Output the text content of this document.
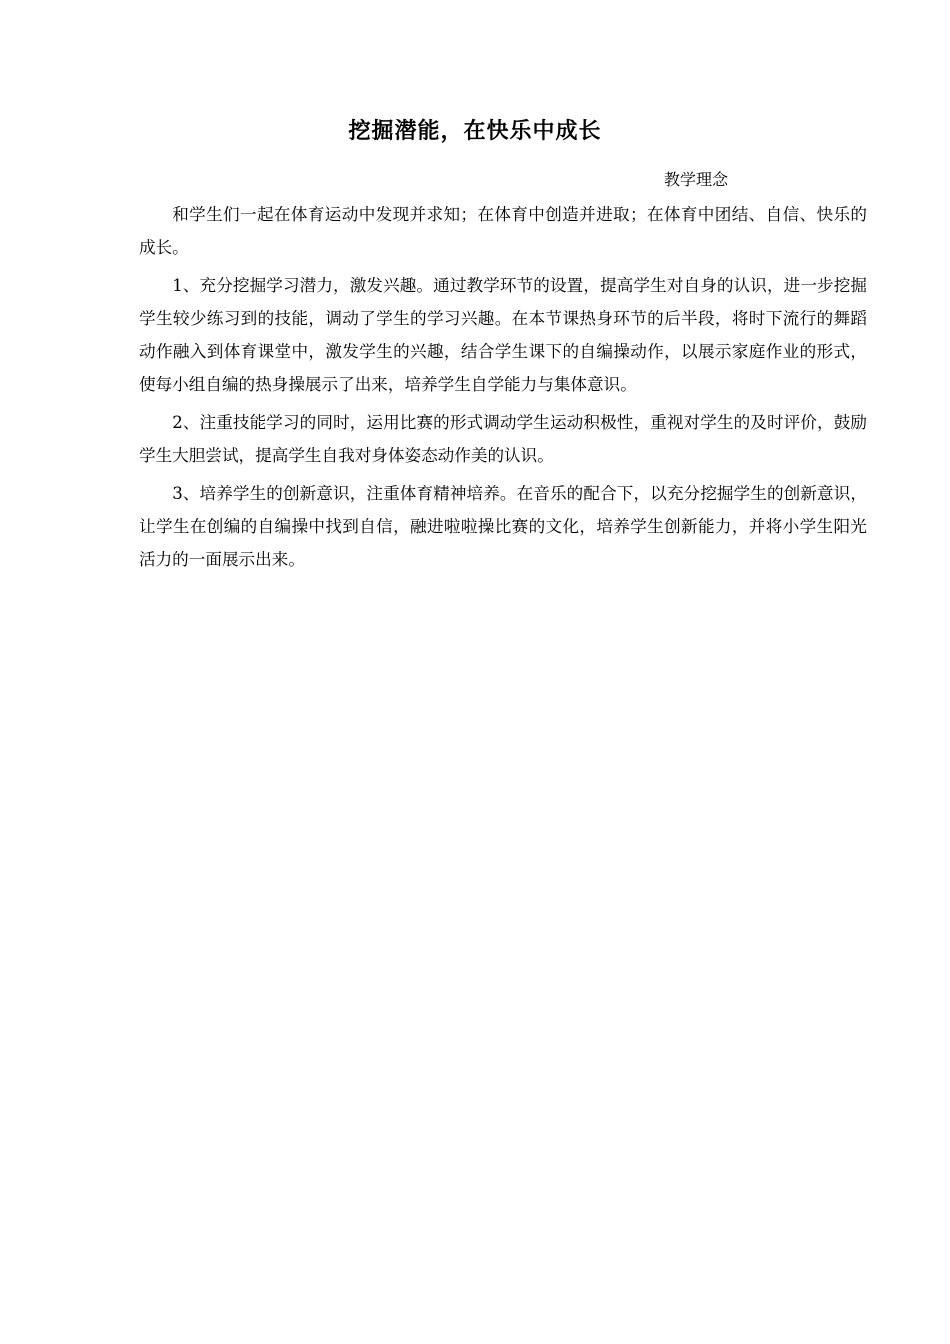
挖掘潜能，在快乐中成长
教学理念

和学生们一起在体育运动中发现并求知；在体育中创造并进取；在体育中团结、自信、快乐的成长。

1、充分挖掘学习潜力，激发兴趣。通过教学环节的设置，提高学生对自身的认识，进一步挖掘学生较少练习到的技能，调动了学生的学习兴趣。在本节课热身环节的后半段，将时下流行的舞蹈动作融入到体育课堂中，激发学生的兴趣，结合学生课下的自编操动作，以展示家庭作业的形式，使每小组自编的热身操展示了出来，培养学生自学能力与集体意识。

2、注重技能学习的同时，运用比赛的形式调动学生运动积极性，重视对学生的及时评价，鼓励学生大胆尝试，提高学生自我对身体姿态动作美的认识。

3、培养学生的创新意识，注重体育精神培养。在音乐的配合下，以充分挖掘学生的创新意识，让学生在创编的自编操中找到自信，融进啦啦操比赛的文化，培养学生创新能力，并将小学生阳光活力的一面展示出来。
